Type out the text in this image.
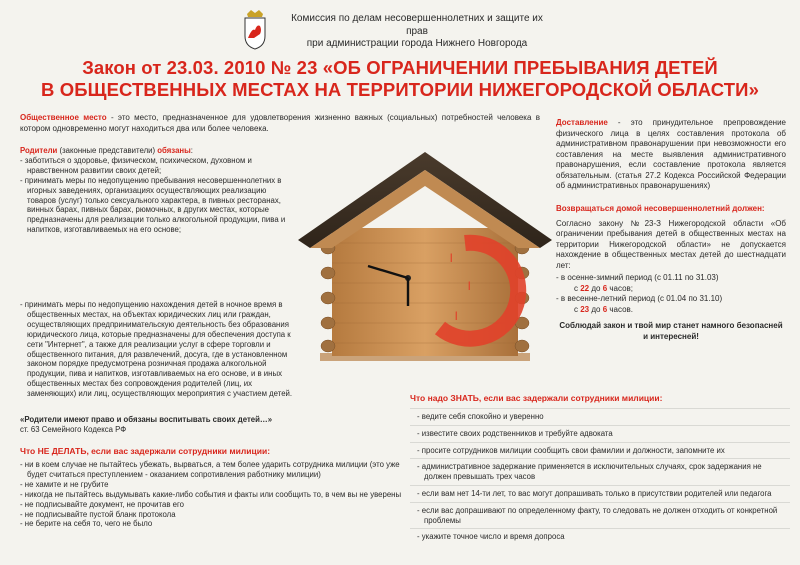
Комиссия по делам несовершеннолетних и защите их прав
при администрации города Нижнего Новгорода
Закон от 23.03. 2010 № 23 «ОБ ОГРАНИЧЕНИИ ПРЕБЫВАНИЯ ДЕТЕЙ
В ОБЩЕСТВЕННЫХ МЕСТАХ НА ТЕРРИТОРИИ НИЖЕГОРОДСКОЙ ОБЛАСТИ»
Общественное место - это место, предназначенное для удовлетворения жизненно важных (социальных) потребностей человека в котором одновременно могут находиться два или более человека.

Родители (законные представители) обязаны:

- заботиться о здоровье, физическом, психическом, духовном и нравственном развитии своих детей;
- принимать меры по недопущению пребывания несовершеннолетних в игорных заведениях, организациях осуществляющих реализацию товаров (услуг) только сексуального характера, в пивных ресторанах, винных барах, пивных барах, рюмочных, в других местах, которые предназначены для реализации только алкогольной продукции, пива и напитков, изготавливаемых на его основе;
- принимать меры по недопущению нахождения детей в ночное время в общественных местах, на объектах юридических лиц или граждан, осуществляющих предпринимательскую деятельность без образования юридического лица, которые предназначены для обеспечения доступа к сети "Интернет", а также для реализации услуг в сфере торговли и общественного питания, для развлечений, досуга, где в установленном законом порядке предусмотрена розничная продажа алкогольной продукции, пива и напитков, изготавливаемых на его основе, и в иных общественных местах без сопровождения родителей (лиц, их заменяющих) или лиц, осуществляющих мероприятия с участием детей.
«Родители имеют право и обязаны воспитывать своих детей…»
ст. 63 Семейного Кодекса РФ
|
|
|

Доставление - это принудительное препровождение физического лица в целях составления протокола об административном правонарушении при невозможности его составления на месте выявления административного правонарушения, если составление протокола является обязательным. (статья 27.2 Кодекса Российской Федерации об административных правонарушениях)

Возвращаться домой несовершеннолетний должен:

Согласно закону №23-З Нижегородской области «Об ограничении пребывания детей в общественных местах на территории Нижегородской области» не допускается нахождение в общественных местах детей до шестнадцати лет:

- в осенне-зимний период (с 01.11 по 31.03)
с 22 до 6 часов;
- в весенне-летний период (с 01.04 по 31.10)
с 23 до 6 часов.

Соблюдай закон и твой мир станет намного безопасней и интересней!

Что НЕ ДЕЛАТЬ, если вас задержали сотрудники милиции:
- ни в коем случае не пытайтесь убежать, вырваться, а тем более ударить сотрудника милиции (это уже будет считаться преступлением - оказанием сопротивления работнику милиции)
- не хамите и не грубите
- никогда не пытайтесь выдумывать какие-либо события и факты или сообщить то, в чем вы не уверены
- не подписывайте документ, не прочитав его
- не подписывайте пустой бланк протокола
- не берите на себя то, чего не было
Что надо ЗНАТЬ, если вас задержали сотрудники милиции:
- ведите себя спокойно и уверенно
- известите своих родственников и требуйте адвоката
- просите сотрудников милиции сообщить свои фамилии и должности, запомните их
- административное задержание применяется в исключительных случаях, срок задержания не должен превышать трех часов
- если вам нет 14-ти лет, то вас могут допрашивать только в присутствии родителей или педагога
- если вас допрашивают по определенному факту, то следовать не должен отходить от конкретной проблемы
- укажите точное число и время допроса
